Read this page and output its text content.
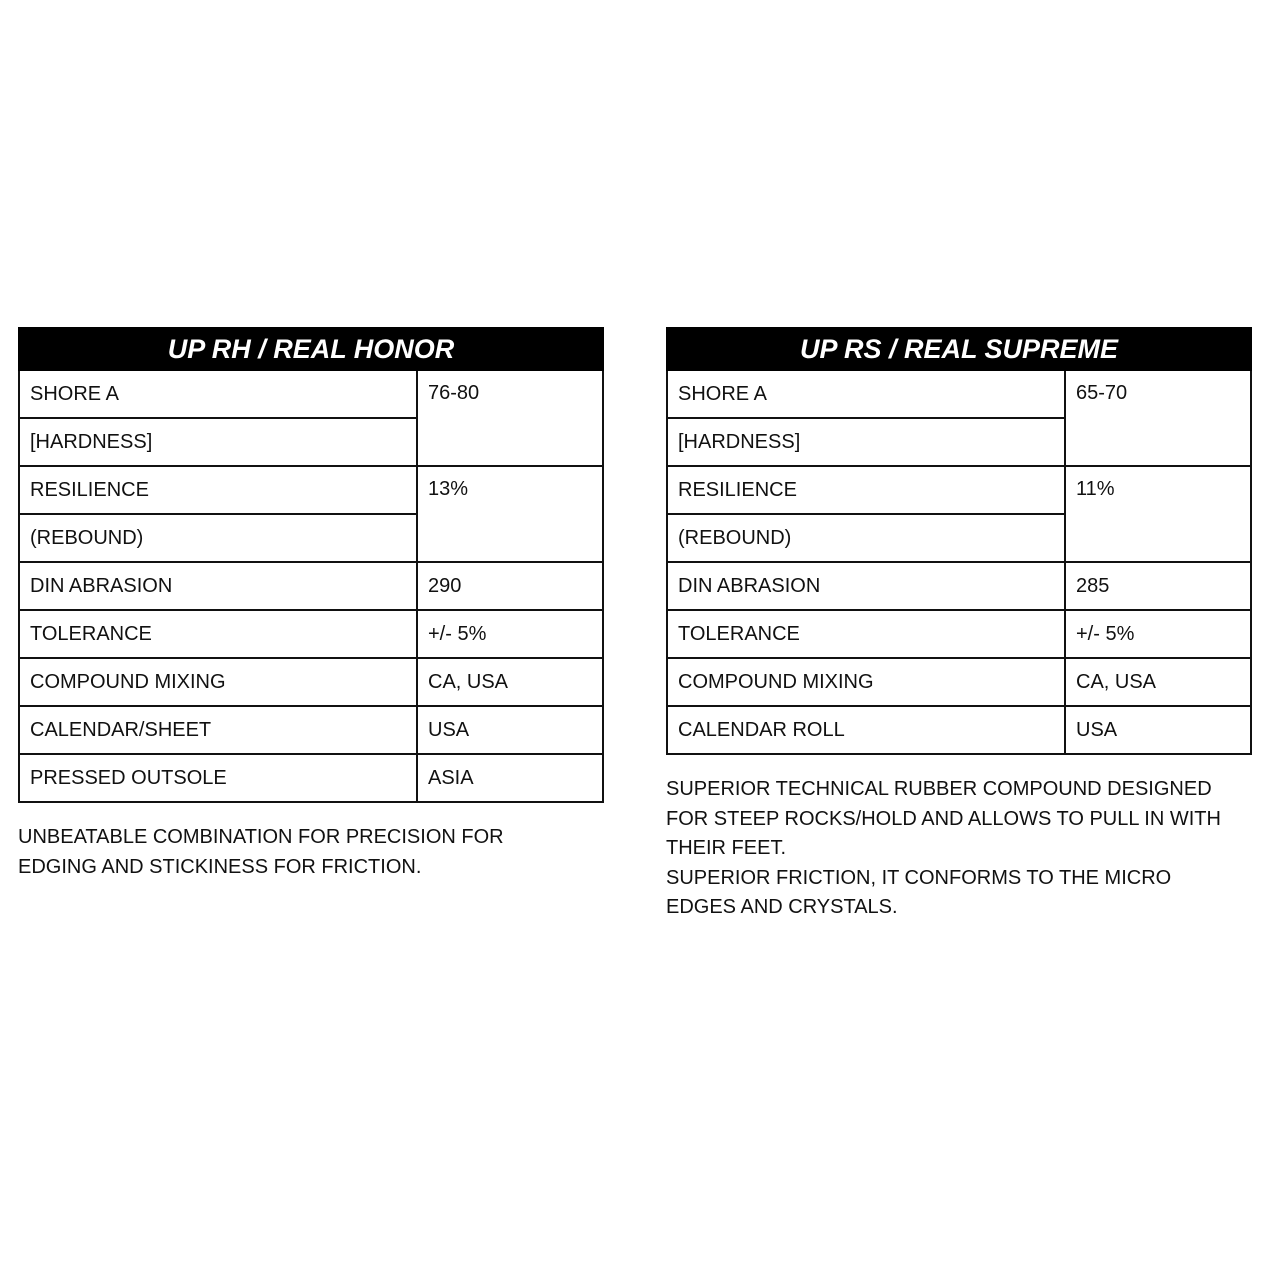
UP RH / REAL HONOR	
SHORE A	76-80
[HARDNESS]	
RESILIENCE	13%
(REBOUND)	
DIN ABRASION	290
TOLERANCE	+/- 5%
COMPOUND MIXING	CA, USA
CALENDAR/SHEET	USA
PRESSED OUTSOLE	ASIA

UNBEATABLE COMBINATION FOR PRECISION FOR
EDGING AND STICKINESS FOR FRICTION.

UP RS / REAL SUPREME	
SHORE A	65-70
[HARDNESS]	
RESILIENCE	11%
(REBOUND)	
DIN ABRASION	285
TOLERANCE	+/- 5%
COMPOUND MIXING	CA, USA
CALENDAR ROLL	USA

SUPERIOR TECHNICAL RUBBER COMPOUND DESIGNED
FOR STEEP ROCKS/HOLD AND ALLOWS TO PULL IN WITH
THEIR FEET.
SUPERIOR FRICTION, IT CONFORMS TO THE MICRO
EDGES AND CRYSTALS.
